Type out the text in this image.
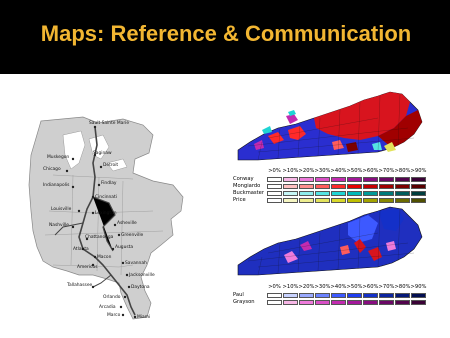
Maps: Reference & Communication
Sault Sainte Marie
Saginaw
Muskegon
Chicago
Detroit
Indianapolis	Findlay
Cincinnati
Louisville
Lexington
Nashville	Asheville
Greenville
Chattanooga
Atlanta	Augusta
Macon
Americus
Savannah
Jacksonville
Tallahassee	Daytona
Orlando
Arcadia
Miami
Marco
>0% >10% >20% >30% >40% >50% >60% >70% >80% >90%
Conway
Mongiardo
Buckmaster
Price
>0% >10% >20% >30% >40% >50% >60% >70% >80% >90%
Paul
Grayson
